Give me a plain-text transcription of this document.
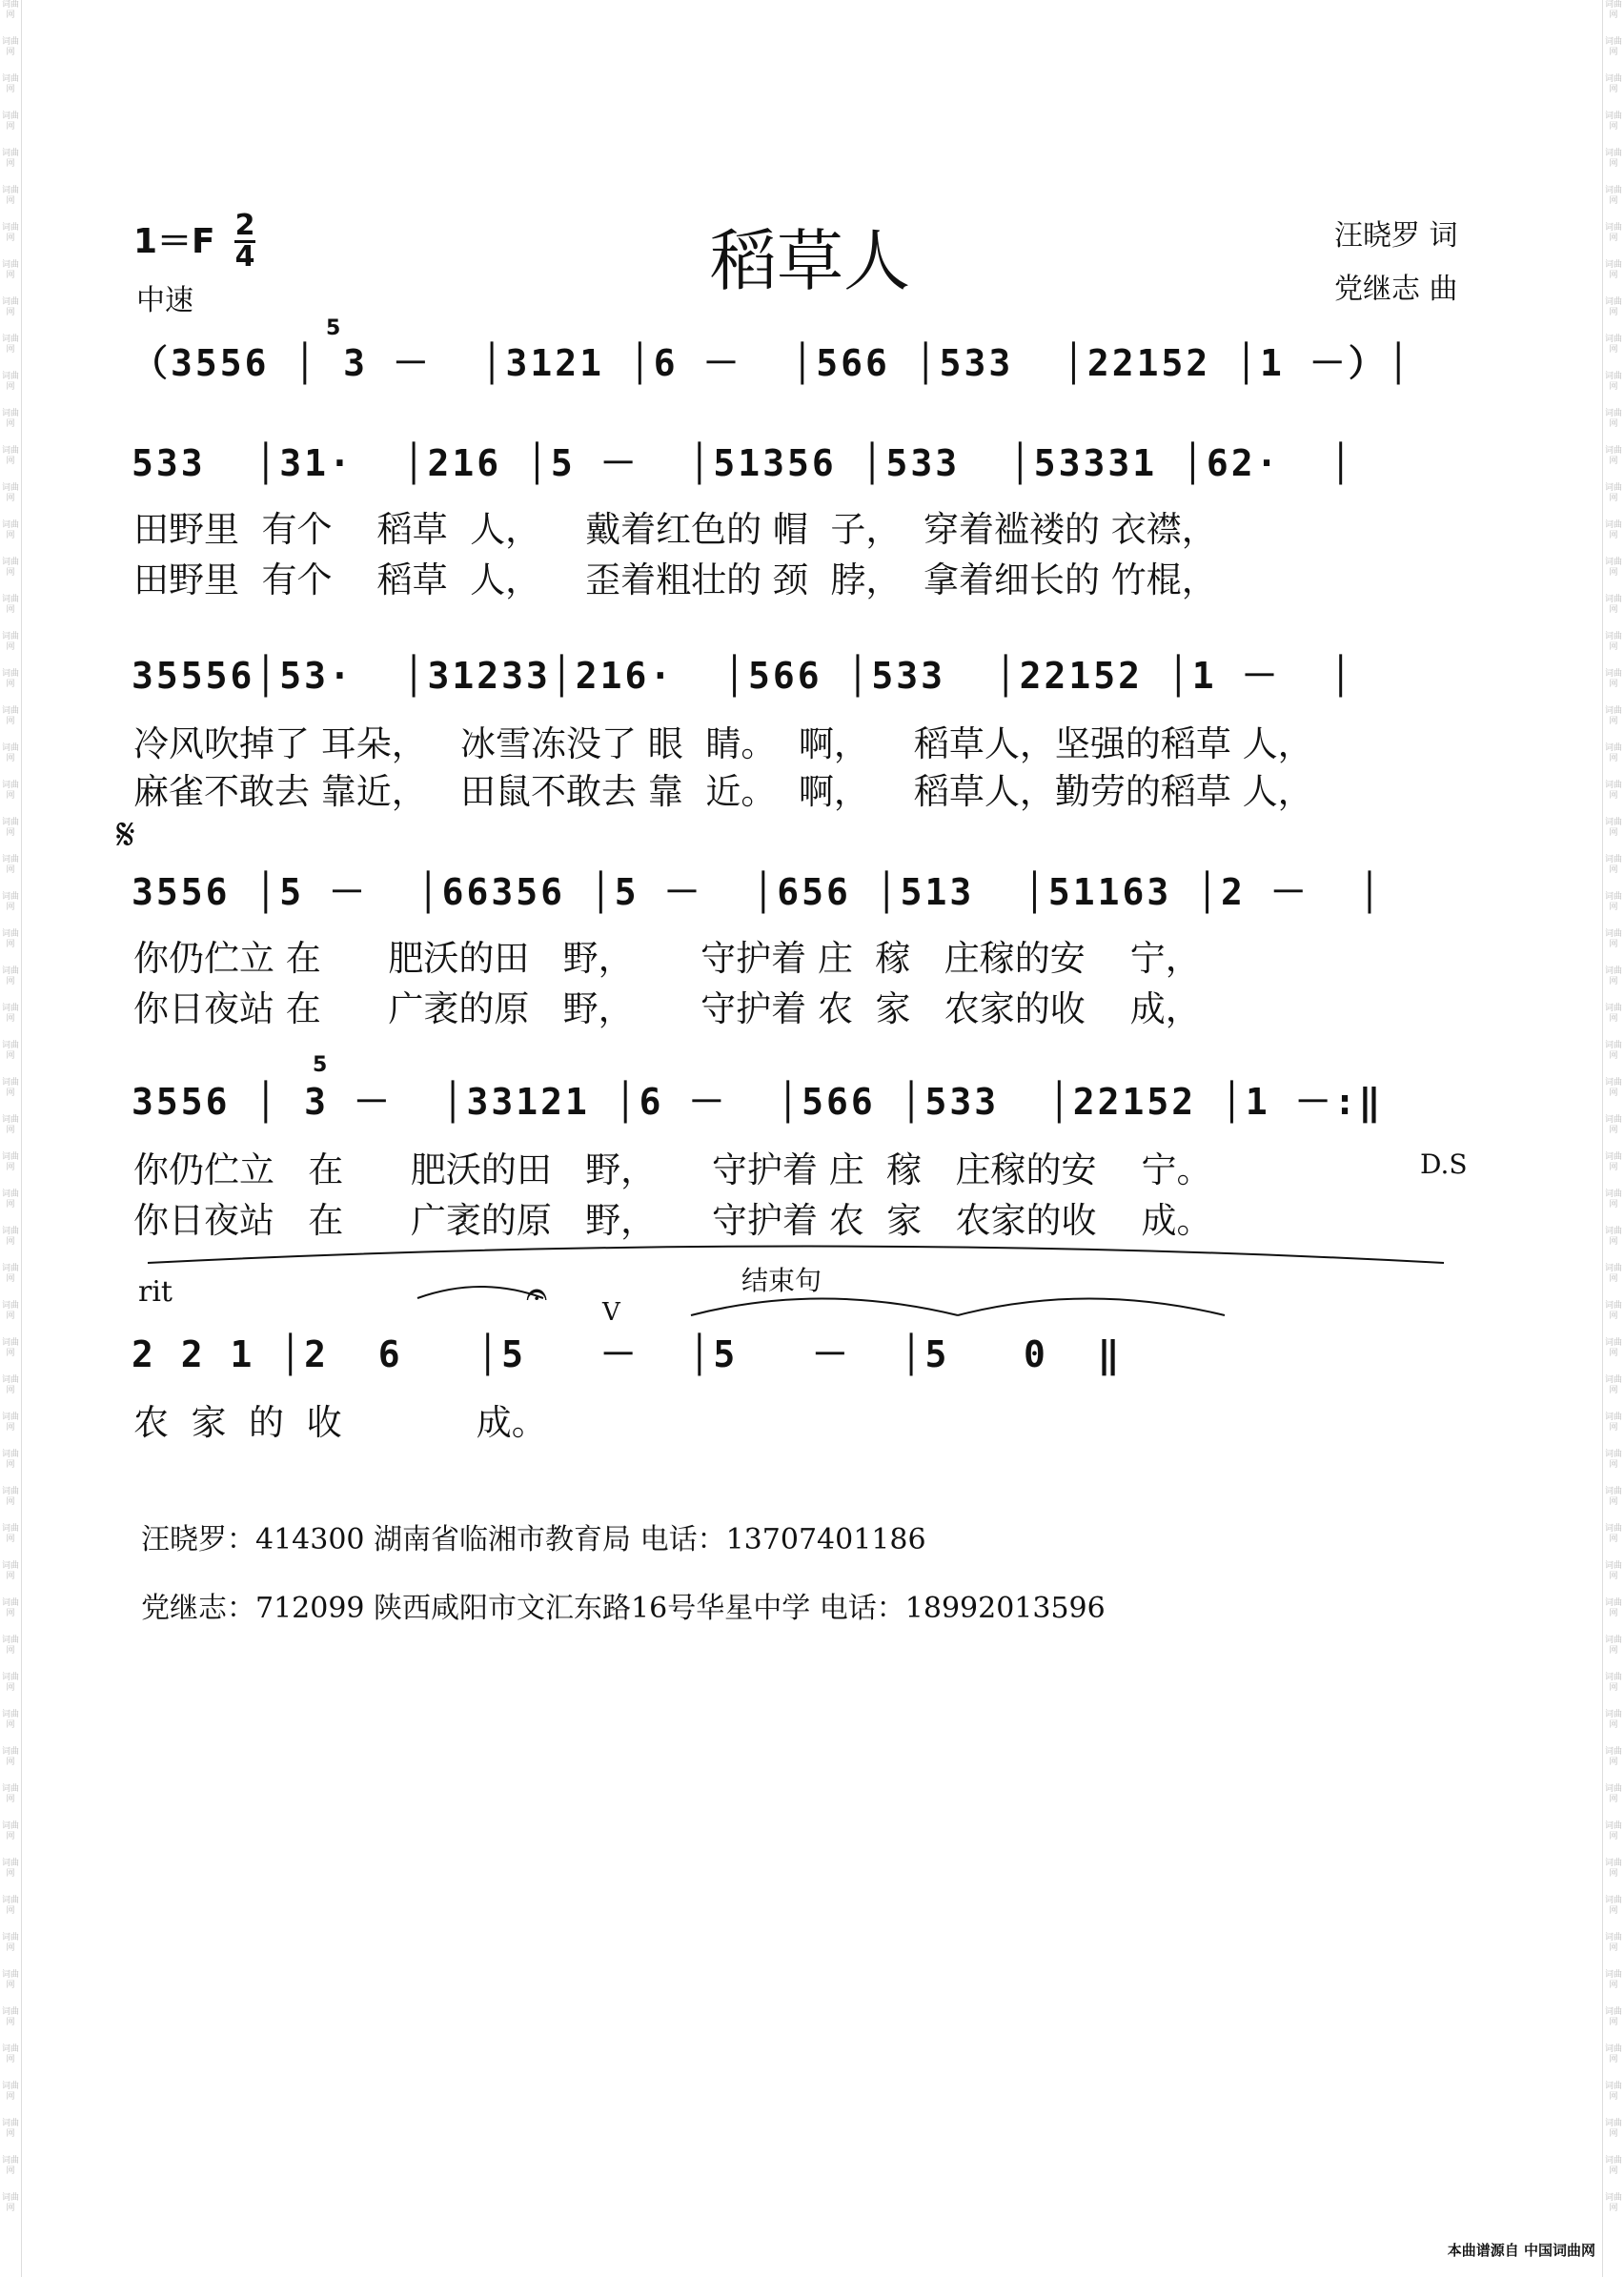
词曲网
词曲网
词曲网
词曲网
词曲网
词曲网
词曲网
词曲网
词曲网
词曲网
词曲网
词曲网
词曲网
词曲网
词曲网
词曲网
词曲网
词曲网
词曲网
词曲网
词曲网
词曲网
词曲网
词曲网
词曲网
词曲网
词曲网
词曲网
词曲网
词曲网
词曲网
词曲网
词曲网
词曲网
词曲网
词曲网
词曲网
词曲网
词曲网
词曲网
词曲网
词曲网
词曲网
词曲网
词曲网
词曲网
词曲网
词曲网
词曲网
词曲网
词曲网
词曲网
词曲网
词曲网
词曲网
词曲网
词曲网
词曲网
词曲网
词曲网
词曲网
词曲网
词曲网
词曲网
词曲网
词曲网
词曲网
词曲网
词曲网
词曲网
词曲网
词曲网
词曲网
词曲网
词曲网
词曲网
词曲网
词曲网
词曲网
词曲网
词曲网
词曲网
词曲网
词曲网
词曲网
词曲网
词曲网
词曲网
词曲网
词曲网
词曲网
词曲网
词曲网
词曲网
词曲网
词曲网
词曲网
词曲网
词曲网
词曲网
词曲网
词曲网
词曲网
词曲网
词曲网
词曲网
词曲网
词曲网
词曲网
词曲网
词曲网
词曲网
词曲网
词曲网
词曲网
词曲网
词曲网
词曲网
词曲网
词曲网
1＝F 2
4
中速
稻草人	汪晓罗 词
党继志 曲
（3556 │ 3 －  │3121 │6 －  │566 │533  │22152 │1 －）│
5
533  │31·  │216 │5 －  │51356 │533  │53331 │62·  │
田野里  有个    稻草  人，    戴着红色的 帽  子，  穿着褴褛的 衣襟，
田野里  有个    稻草  人，    歪着粗壮的 颈  脖，  拿着细长的 竹棍，
35556│53·  │31233│216·  │566 │533  │22152 │1 －  │
冷风吹掉了 耳朵，   冰雪冻没了 眼  睛。  啊，    稻草人，坚强的稻草 人，
麻雀不敢去 靠近，   田鼠不敢去 靠  近。  啊，    稻草人，勤劳的稻草 人，
𝄋
3556 │5 －  │66356 │5 －  │656 │513  │51163 │2 －  │
你仍伫立 在      肥沃的田   野，      守护着 庄  稼   庄稼的安    宁，
你日夜站 在      广袤的原   野，      守护着 农  家   农家的收    成，
3556 │ 3 －  │33121 │6 －  │566 │533  │22152 │1 －:‖
5
你仍伫立   在      肥沃的田   野，     守护着 庄  稼   庄稼的安    宁。	D.S
你日夜站   在      广袤的原   野，     守护着 农  家   农家的收    成。
rit	结束句
V
𝄐
2 2 1 │2  6   │5   －  │5   －  │5   0  ‖
农  家  的  收            成。
汪晓罗：414300 湖南省临湘市教育局 电话：13707401186
党继志：712099 陕西咸阳市文汇东路16号华星中学 电话：18992013596
本曲谱源自 中国词曲网
